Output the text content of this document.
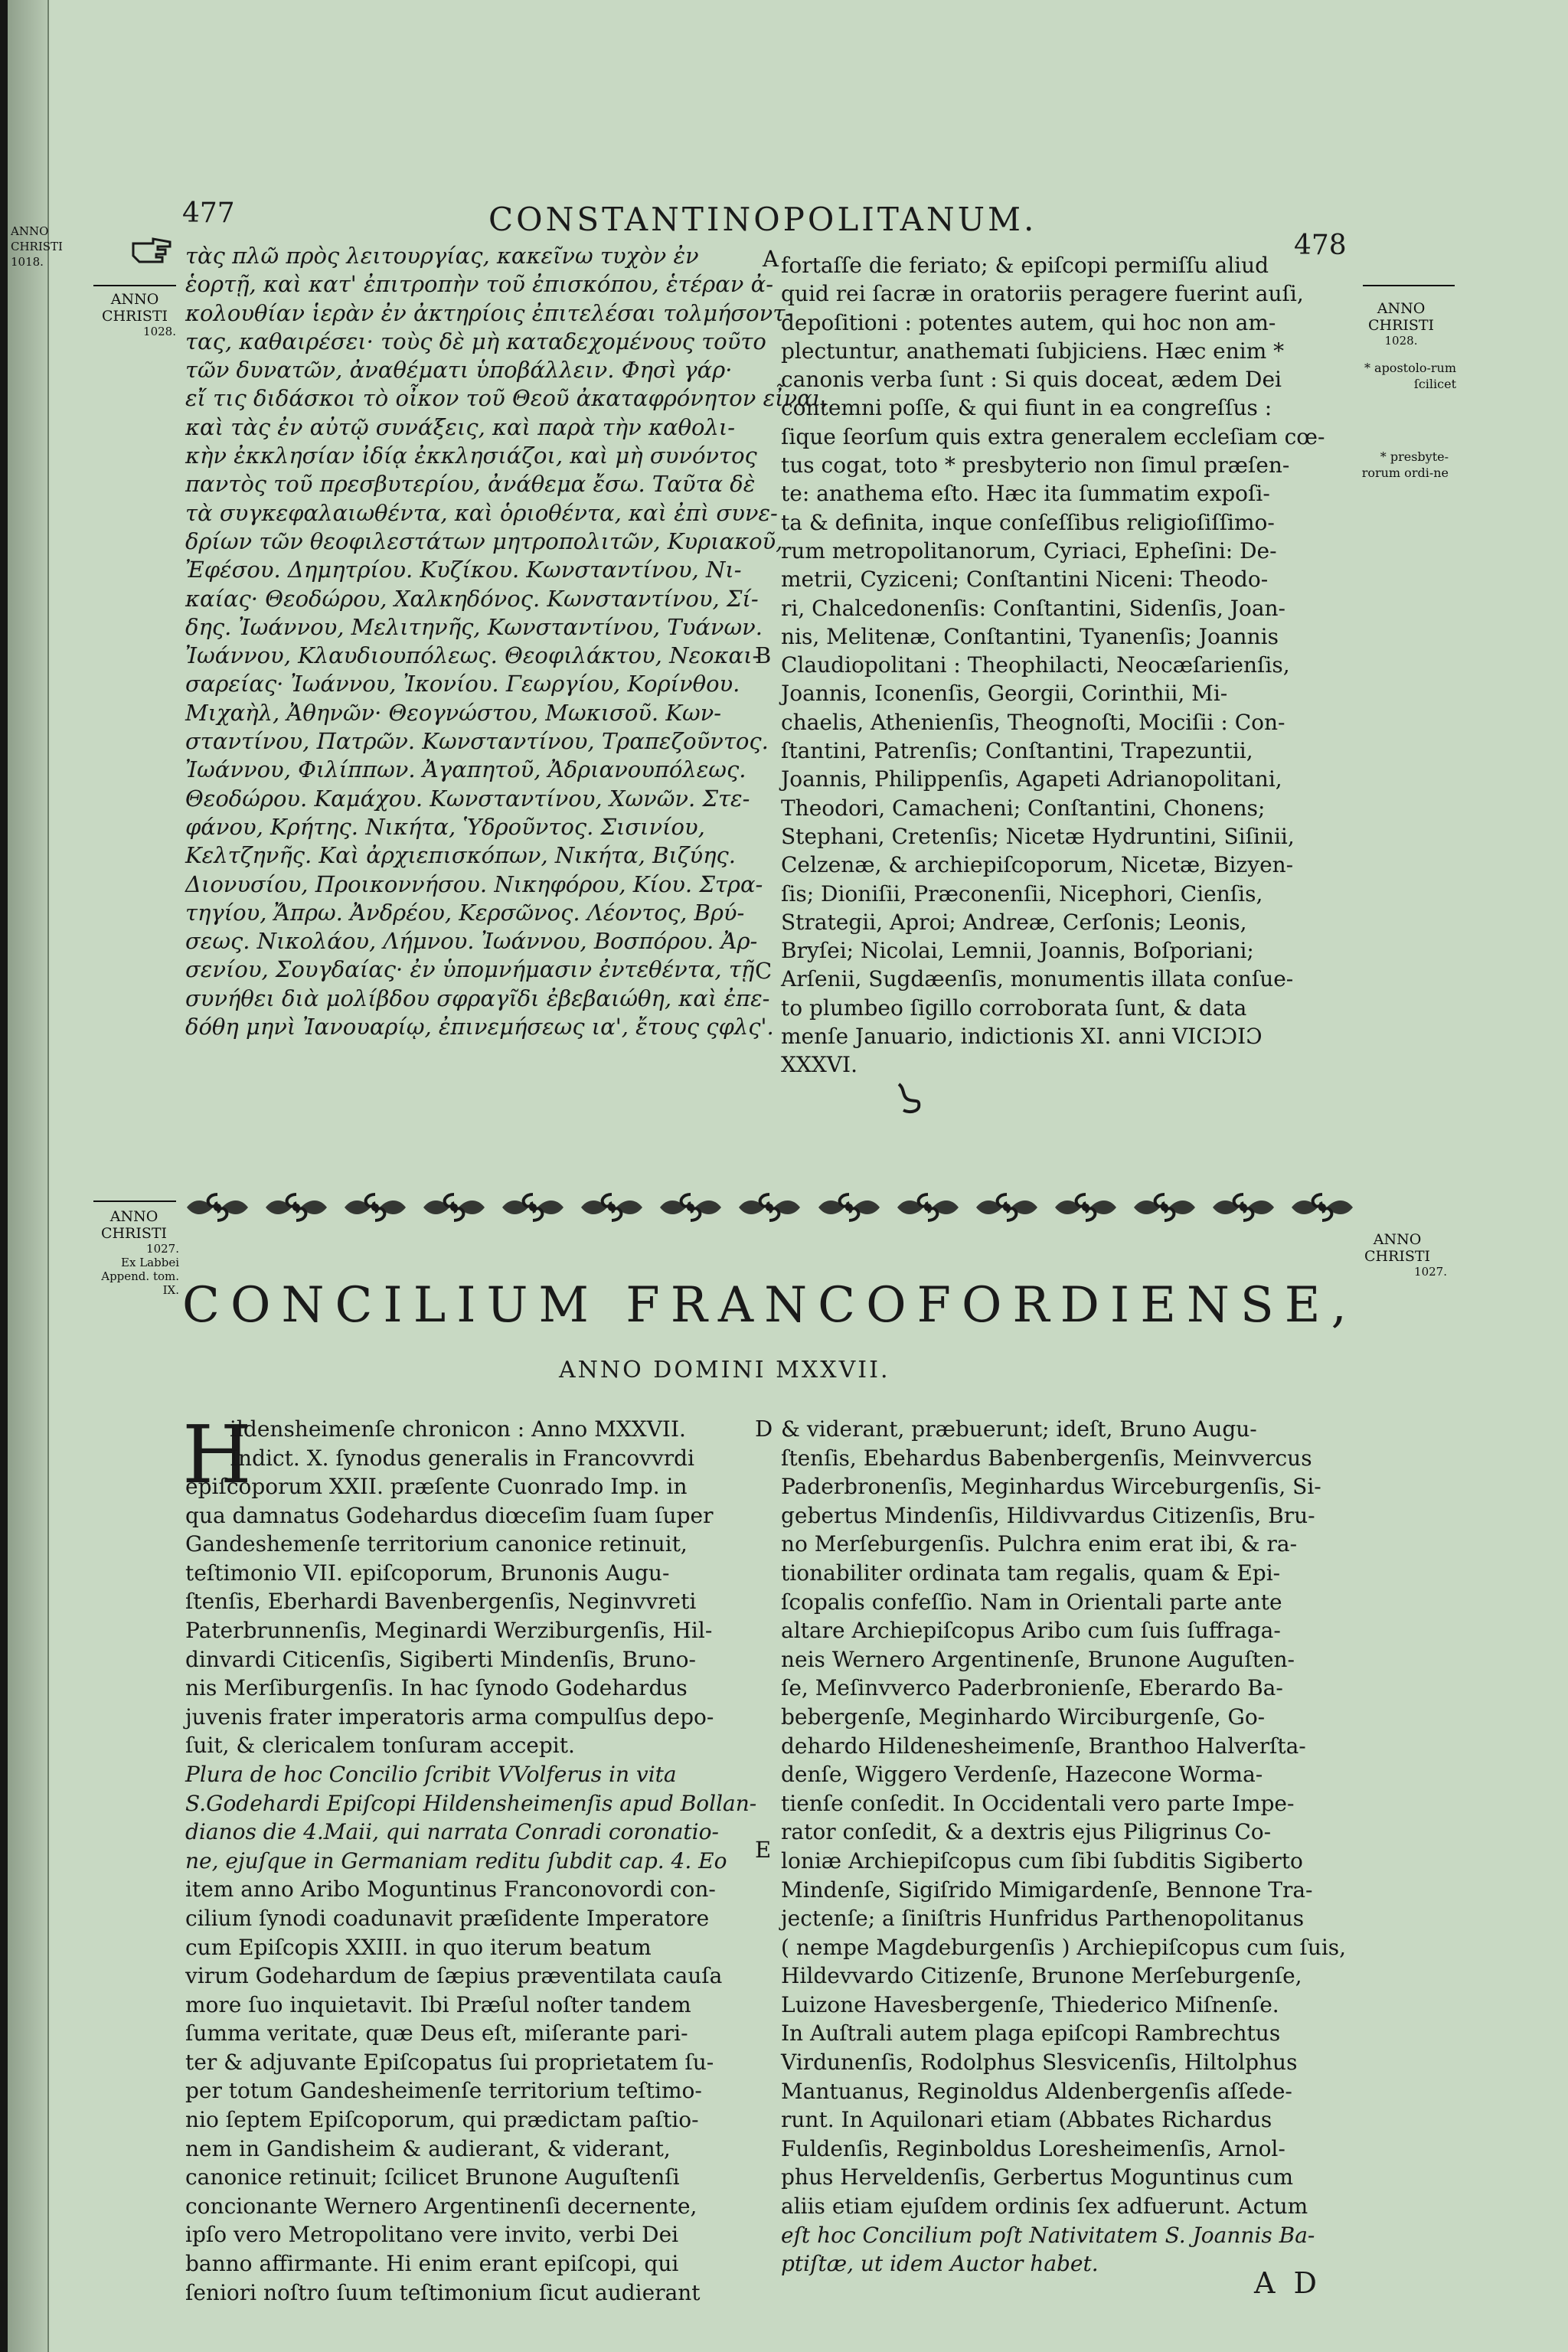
ANNO
CHRISTI
1018.
477	CONSTANTINOPOLITANUM.
478
ANNO
CHRISTI
1028.
ANNO
CHRISTI
1028.
* apostolo-rum ſcilicet
* presbyte-rorum ordi-ne
τὰς πλῶ πρὸς λειτουργίας, κακεῖνω τυχὸν ἐν
ἑορτῇ, καὶ κατ' ἐπιτροπὴν τοῦ ἐπισκόπου, ἑτέραν ἀ-
κολουθίαν ἱερὰν ἐν ἀκτηρίοις ἐπιτελέσαι τολμήσοντ-
τας, καθαιρέσει· τοὺς δὲ μὴ καταδεχομένους τοῦτο
τῶν δυνατῶν, ἀναθέματι ὑποβάλλειν. Φησὶ γάρ·
εἴ τις διδάσκοι τὸ οἶκον τοῦ Θεοῦ ἀκαταφρόνητον εἶναι,
καὶ τὰς ἐν αὐτῷ συνάξεις, καὶ παρὰ τὴν καθολι-
κὴν ἐκκλησίαν ἰδίᾳ ἐκκλησιάζοι, καὶ μὴ συνόντος
παντὸς τοῦ πρεσβυτερίου, ἀνάθεμα ἔσω. Ταῦτα δὲ
τὰ συγκεφαλαιωθέντα, καὶ ὁριοθέντα, καὶ ἐπὶ συνε-
δρίων τῶν θεοφιλεστάτων μητροπολιτῶν, Κυριακοῦ,
Ἐφέσου. Δημητρίου. Κυζίκου. Κωνσταντίνου, Νι-
καίας· Θεοδώρου, Χαλκηδόνος. Κωνσταντίνου, Σί-
δης. Ἰωάννου, Μελιτηνῆς, Κωνσταντίνου, Τυάνων.
Ἰωάννου, Κλαυδιουπόλεως. Θεοφιλάκτου, Νεοκαι-
σαρείας· Ἰωάννου, Ἰκονίου. Γεωργίου, Κορίνθου.
Μιχαὴλ, Ἀθηνῶν· Θεογνώστου, Μωκισοῦ. Κων-
σταντίνου, Πατρῶν. Κωνσταντίνου, Τραπεζοῦντος.
Ἰωάννου, Φιλίππων. Ἀγαπητοῦ, Ἀδριανουπόλεως.
Θεοδώρου. Καμάχου. Κωνσταντίνου, Χωνῶν. Στε-
φάνου, Κρήτης. Νικήτα, Ὑδροῦντος. Σισινίου,
Κελτζηνῆς. Καὶ ἀρχιεπισκόπων, Νικήτα, Βιζύης.
Διονυσίου, Προικοννήσου. Νικηφόρου, Κίου. Στρα-
τηγίου, Ἄπρω. Ἀνδρέου, Κερσῶνος. Λέοντος, Βρύ-
σεως. Νικολάου, Λήμνου. Ἰωάννου, Βοσπόρου. Ἀρ-
σενίου, Σουγδαίας· ἐν ὑπομνήμασιν ἐντεθέντα, τῇ
συνήθει διὰ μολίβδου σφραγῖδι ἐβεβαιώθη, καὶ ἐπε-
δόθη μηνὶ Ἰανουαρίῳ, ἐπινεμήσεως ια', ἔτους ςφλς'.
A
B
C
fortaſſe die feriato; & epiſcopi permiſſu aliud
quid rei ſacræ in oratoriis peragere fuerint auſi,
depoſitioni : potentes autem, qui hoc non am-
plectuntur, anathemati ſubjiciens. Hæc enim *
canonis verba ſunt : Si quis doceat, ædem Dei
contemni poſſe, & qui fiunt in ea congreſſus :
ſique ſeorſum quis extra generalem eccleſiam cœ-
tus cogat, toto * presbyterio non ſimul præſen-
te: anathema eſto. Hæc ita ſummatim expoſi-
ta & definita, inque conſeſſibus religioſiſſimo-
rum metropolitanorum, Cyriaci, Epheſini: De-
metrii, Cyziceni; Conſtantini Niceni: Theodo-
ri, Chalcedonenſis: Conſtantini, Sidenſis, Joan-
nis, Melitenæ, Conſtantini, Tyanenſis; Joannis
Claudiopolitani : Theophilacti, Neocæſarienſis,
Joannis, Iconenſis, Georgii, Corinthii, Mi-
chaelis, Athenienſis, Theognoſti, Mociſii : Con-
ſtantini, Patrenſis; Conſtantini, Trapezuntii,
Joannis, Philippenſis, Agapeti Adrianopolitani,
Theodori, Camacheni; Conſtantini, Chonens;
Stephani, Cretenſis; Nicetæ Hydruntini, Siſinii,
Celzenæ, & archiepiſcoporum, Nicetæ, Bizyen-
ſis; Dioniſii, Præconenſii, Nicephori, Cienſis,
Strategii, Aproi; Andreæ, Cerſonis; Leonis,
Bryſei; Nicolai, Lemnii, Joannis, Boſporiani;
Arſenii, Sugdæenſis, monumentis illata conſue-
to plumbeo ſigillo corroborata ſunt, & data
menſe Januario, indictionis XI. anni VICIƆIƆ
XXXVI.
ANNO
CHRISTI
1027.
Ex Labbei Append. tom. IX.
ANNO
CHRISTI
1027.
CONCILIUM FRANCOFORDIENSE,
ANNO DOMINI MXXVII.
H
ildensheimenſe chronicon : Anno MXXVII.
Indict. X. ſynodus generalis in Francovvrdi
epiſcoporum XXII. præſente Cuonrado Imp. in
qua damnatus Godehardus diœceſim ſuam ſuper
Gandeshemenſe territorium canonice retinuit,
teſtimonio VII. epiſcoporum, Brunonis Augu-
ſtenſis, Eberhardi Bavenbergenſis, Neginvvreti
Paterbrunnenſis, Meginardi Werziburgenſis, Hil-
dinvardi Citicenſis, Sigiberti Mindenſis, Bruno-
nis Merſiburgenſis. In hac ſynodo Godehardus
juvenis frater imperatoris arma compulſus depo-
ſuit, & clericalem tonſuram accepit.
Plura de hoc Concilio ſcribit VVolferus in vita
S.Godehardi Epiſcopi Hildensheimenſis apud Bollan-
dianos die 4.Maii, qui narrata Conradi coronatio-
ne, ejuſque in Germaniam reditu ſubdit cap. 4. Eo
item anno Aribo Moguntinus Franconovordi con-
cilium ſynodi coadunavit præſidente Imperatore
cum Epiſcopis XXIII. in quo iterum beatum
virum Godehardum de ſæpius præventilata cauſa
more ſuo inquietavit. Ibi Præſul noſter tandem
ſumma veritate, quæ Deus eſt, miſerante pari-
ter & adjuvante Epiſcopatus ſui proprietatem ſu-
per totum Gandesheimenſe territorium teſtimo-
nio ſeptem Epiſcoporum, qui prædictam paſtio-
nem in Gandisheim & audierant, & viderant,
canonice retinuit; ſcilicet Brunone Auguſtenſi
concionante Wernero Argentinenſi decernente,
ipſo vero Metropolitano vere invito, verbi Dei
banno affirmante. Hi enim erant epiſcopi, qui
ſeniori noſtro ſuum teſtimonium ſicut audierant
D
E
& viderant, præbuerunt; ideſt, Bruno Augu-
ſtenſis, Ebehardus Babenbergenſis, Meinvvercus
Paderbronenſis, Meginhardus Wirceburgenſis, Si-
gebertus Mindenſis, Hildivvardus Citizenſis, Bru-
no Merſeburgenſis. Pulchra enim erat ibi, & ra-
tionabiliter ordinata tam regalis, quam & Epi-
ſcopalis confeſſio. Nam in Orientali parte ante
altare Archiepiſcopus Aribo cum ſuis ſuffraga-
neis Wernero Argentinenſe, Brunone Auguſten-
ſe, Meſinvverco Paderbronienſe, Eberardo Ba-
bebergenſe, Meginhardo Wirciburgenſe, Go-
dehardo Hildenesheimenſe, Branthoo Halverſta-
denſe, Wiggero Verdenſe, Hazecone Worma-
tienſe conſedit. In Occidentali vero parte Impe-
rator conſedit, & a dextris ejus Piligrinus Co-
loniæ Archiepiſcopus cum ſibi ſubditis Sigiberto
Mindenſe, Sigiſrido Mimigardenſe, Bennone Tra-
jectenſe; a ſiniſtris Hunfridus Parthenopolitanus
( nempe Magdeburgenſis ) Archiepiſcopus cum ſuis,
Hildevvardo Citizenſe, Brunone Merſeburgenſe,
Luizone Havesbergenſe, Thiederico Miſnenſe.
In Auſtrali autem plaga epiſcopi Rambrechtus
Virdunenſis, Rodolphus Slesvicenſis, Hiltolphus
Mantuanus, Reginoldus Aldenbergenſis aſſede-
runt. In Aquilonari etiam (Abbates Richardus
Fuldenſis, Reginboldus Loresheimenſis, Arnol-
phus Herveldenſis, Gerbertus Moguntinus cum
aliis etiam ejuſdem ordinis ſex adfuerunt. Actum
eſt hoc Concilium poſt Nativitatem S. Joannis Ba-
ptiſtæ, ut idem Auctor habet.
A D
